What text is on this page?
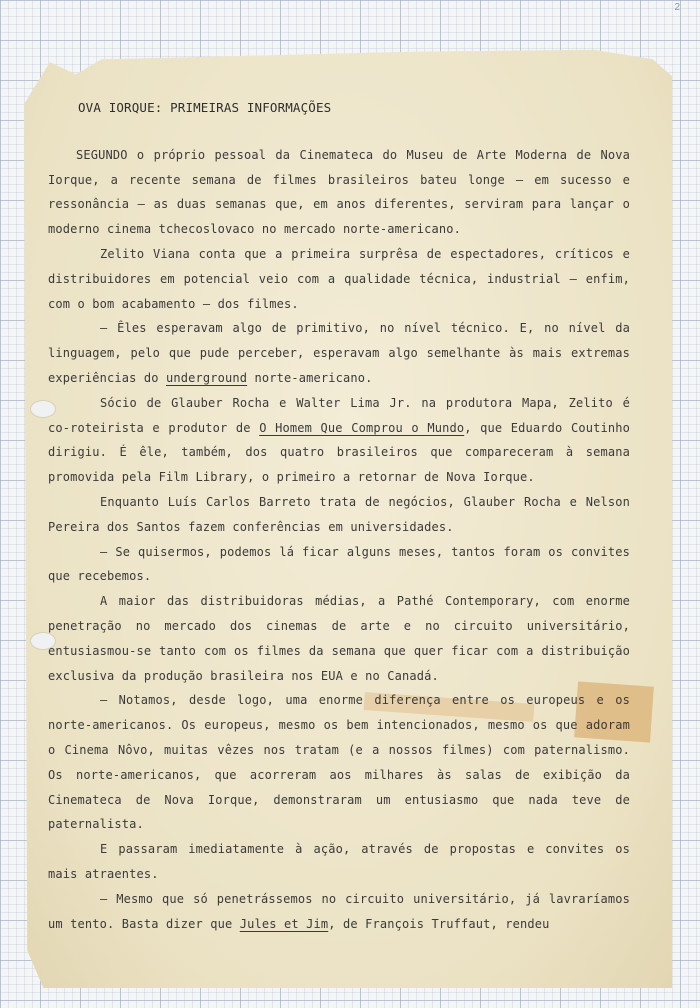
2
OVA IORQUE: PRIMEIRAS INFORMAÇÕES
SEGUNDO o próprio pessoal da Cinemateca do Museu de Arte Moderna de Nova Iorque, a recente semana de filmes brasileiros bateu longe — em sucesso e ressonância — as duas semanas que, em anos diferentes, serviram para lançar o moderno cinema tchecoslovaco no mercado norte-americano.
Zelito Viana conta que a primeira surprêsa de espectadores, críticos e distribuidores em potencial veio com a qualidade técnica, industrial — enfim, com o bom acabamento — dos filmes.
— Êles esperavam algo de primitivo, no nível técnico. E, no nível da linguagem, pelo que pude perceber, esperavam algo semelhante às mais extremas experiências do underground norte-americano.
Sócio de Glauber Rocha e Walter Lima Jr. na produtora Mapa, Zelito é co-roteirista e produtor de O Homem Que Comprou o Mundo, que Eduardo Coutinho dirigiu. É êle, também, dos quatro brasileiros que compareceram à semana promovida pela Film Library, o primeiro a retornar de Nova Iorque.
Enquanto Luís Carlos Barreto trata de negócios, Glauber Rocha e Nelson Pereira dos Santos fazem conferências em universidades.
— Se quisermos, podemos lá ficar alguns meses, tantos foram os convites que recebemos.
A maior das distribuidoras médias, a Pathé Contemporary, com enorme penetração no mercado dos cinemas de arte e no circuito universitário, entusiasmou-se tanto com os filmes da semana que quer ficar com a distribuição exclusiva da produção brasileira nos EUA e no Canadá.
— Notamos, desde logo, uma enorme diferença entre os europeus e os norte-americanos. Os europeus, mesmo os bem intencionados, mesmo os que adoram o Cinema Nôvo, muitas vêzes nos tratam (e a nossos filmes) com paternalismo. Os norte-americanos, que acorreram aos milhares às salas de exibição da Cinemateca de Nova Iorque, demonstraram um entusiasmo que nada teve de paternalista.
E passaram imediatamente à ação, através de propostas e convites os mais atraentes.
— Mesmo que só penetrássemos no circuito universitário, já lavraríamos um tento. Basta dizer que Jules et Jim, de François Truffaut, rendeu
